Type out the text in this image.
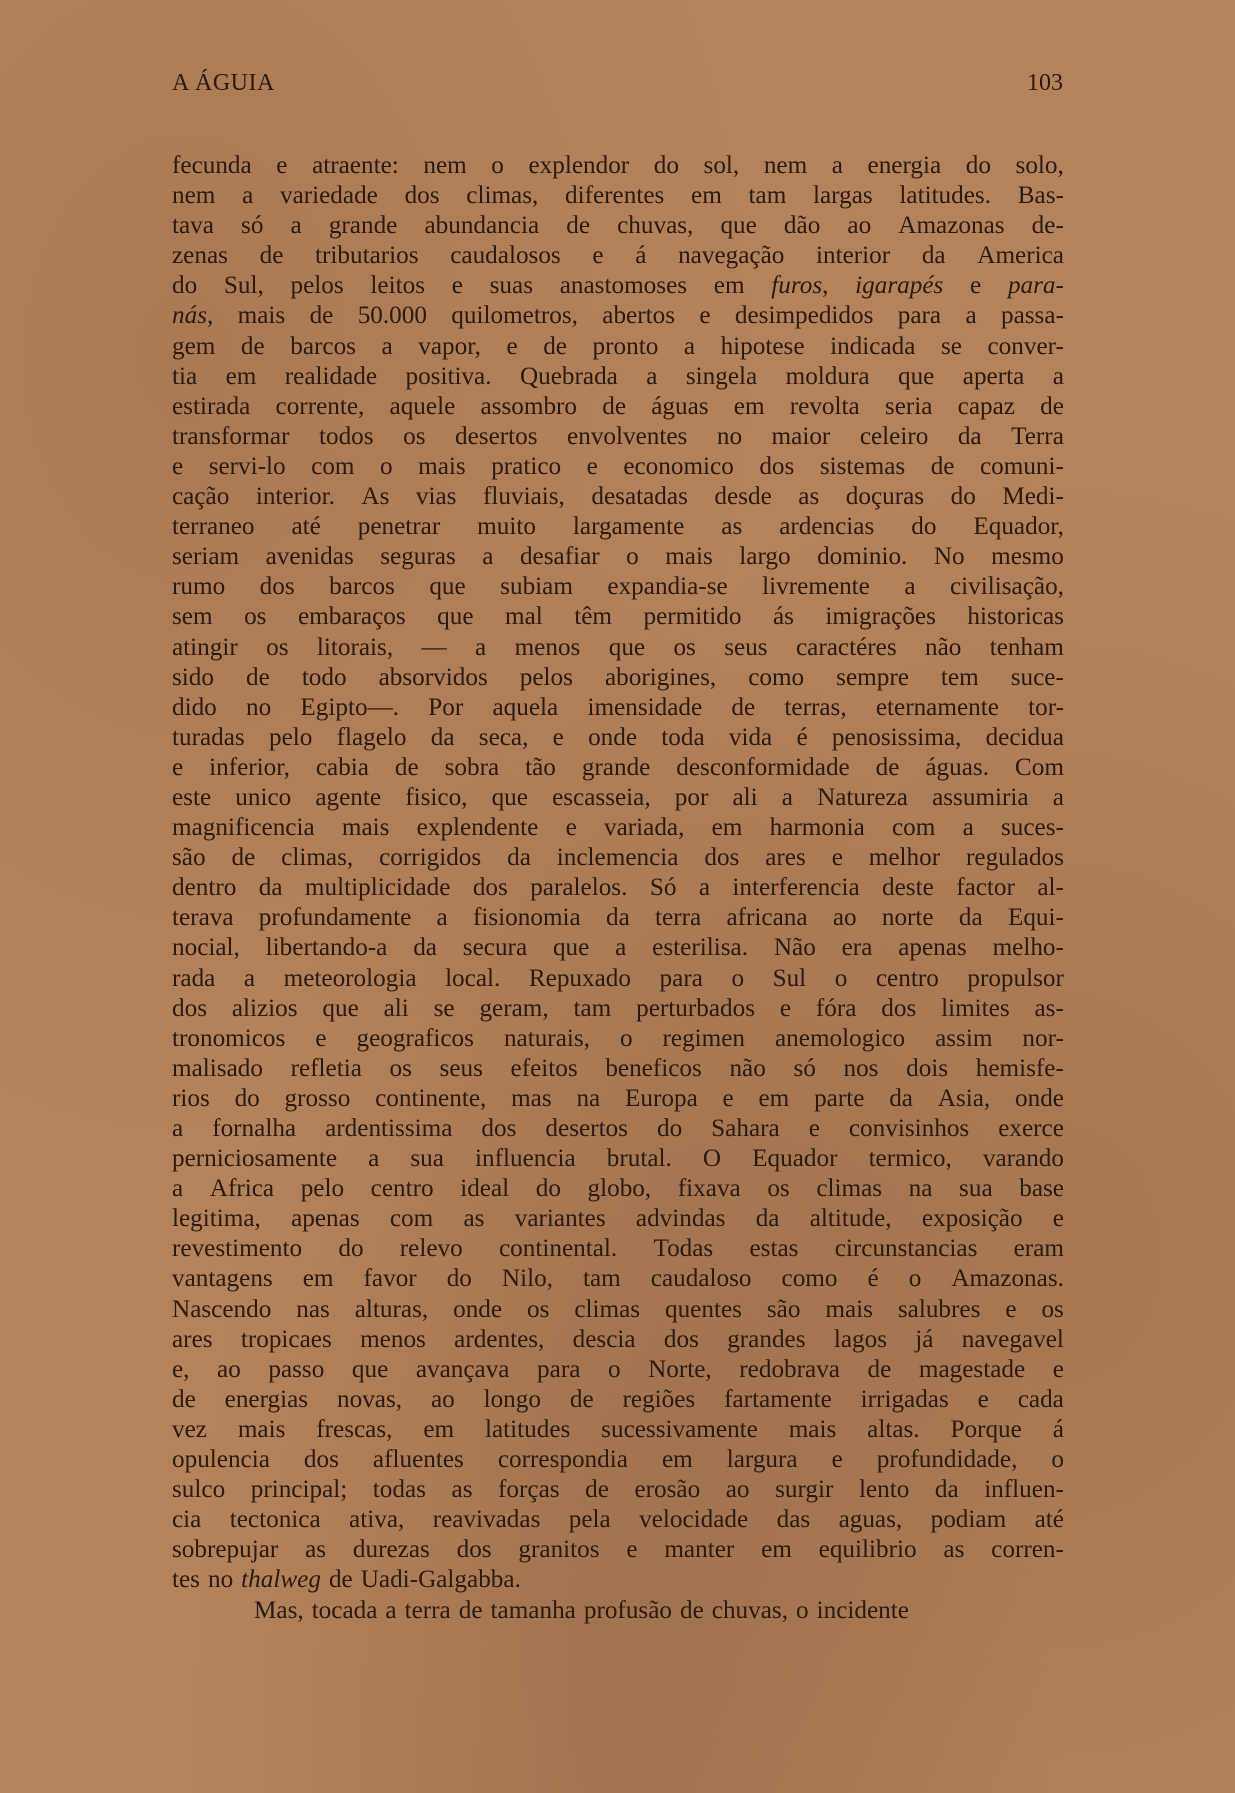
A ÁGUIA	103
fecunda e atraente: nem o explendor do sol, nem a energia do solo,
nem a variedade dos climas, diferentes em tam largas latitudes. Bas-
tava só a grande abundancia de chuvas, que dão ao Amazonas de-
zenas de tributarios caudalosos e á navegação interior da America
do Sul, pelos leitos e suas anastomoses em furos, igarapés e para-
nás, mais de 50.000 quilometros, abertos e desimpedidos para a passa-
gem de barcos a vapor, e de pronto a hipotese indicada se conver-
tia em realidade positiva. Quebrada a singela moldura que aperta a
estirada corrente, aquele assombro de águas em revolta seria capaz de
transformar todos os desertos envolventes no maior celeiro da Terra
e servi-lo com o mais pratico e economico dos sistemas de comuni-
cação interior. As vias fluviais, desatadas desde as doçuras do Medi-
terraneo até penetrar muito largamente as ardencias do Equador,
seriam avenidas seguras a desafiar o mais largo dominio. No mesmo
rumo dos barcos que subiam expandia-se livremente a civilisação,
sem os embaraços que mal têm permitido ás imigrações historicas
atingir os litorais, — a menos que os seus caractéres não tenham
sido de todo absorvidos pelos aborigines, como sempre tem suce-
dido no Egipto—. Por aquela imensidade de terras, eternamente tor-
turadas pelo flagelo da seca, e onde toda vida é penosissima, decidua
e inferior, cabia de sobra tão grande desconformidade de águas. Com
este unico agente fisico, que escasseia, por ali a Natureza assumiria a
magnificencia mais explendente e variada, em harmonia com a suces-
são de climas, corrigidos da inclemencia dos ares e melhor regulados
dentro da multiplicidade dos paralelos. Só a interferencia deste factor al-
terava profundamente a fisionomia da terra africana ao norte da Equi-
nocial, libertando-a da secura que a esterilisa. Não era apenas melho-
rada a meteorologia local. Repuxado para o Sul o centro propulsor
dos alizios que ali se geram, tam perturbados e fóra dos limites as-
tronomicos e geograficos naturais, o regimen anemologico assim nor-
malisado refletia os seus efeitos beneficos não só nos dois hemisfe-
rios do grosso continente, mas na Europa e em parte da Asia, onde
a fornalha ardentissima dos desertos do Sahara e convisinhos exerce
perniciosamente a sua influencia brutal. O Equador termico, varando
a Africa pelo centro ideal do globo, fixava os climas na sua base
legitima, apenas com as variantes advindas da altitude, exposição e
revestimento do relevo continental. Todas estas circunstancias eram
vantagens em favor do Nilo, tam caudaloso como é o Amazonas.
Nascendo nas alturas, onde os climas quentes são mais salubres e os
ares tropicaes menos ardentes, descia dos grandes lagos já navegavel
e, ao passo que avançava para o Norte, redobrava de magestade e
de energias novas, ao longo de regiões fartamente irrigadas e cada
vez mais frescas, em latitudes sucessivamente mais altas. Porque á
opulencia dos afluentes correspondia em largura e profundidade, o
sulco principal; todas as forças de erosão ao surgir lento da influen-
cia tectonica ativa, reavivadas pela velocidade das aguas, podiam até
sobrepujar as durezas dos granitos e manter em equilibrio as corren-
tes no thalweg de Uadi-Galgabba.
Mas, tocada a terra de tamanha profusão de chuvas, o incidente
